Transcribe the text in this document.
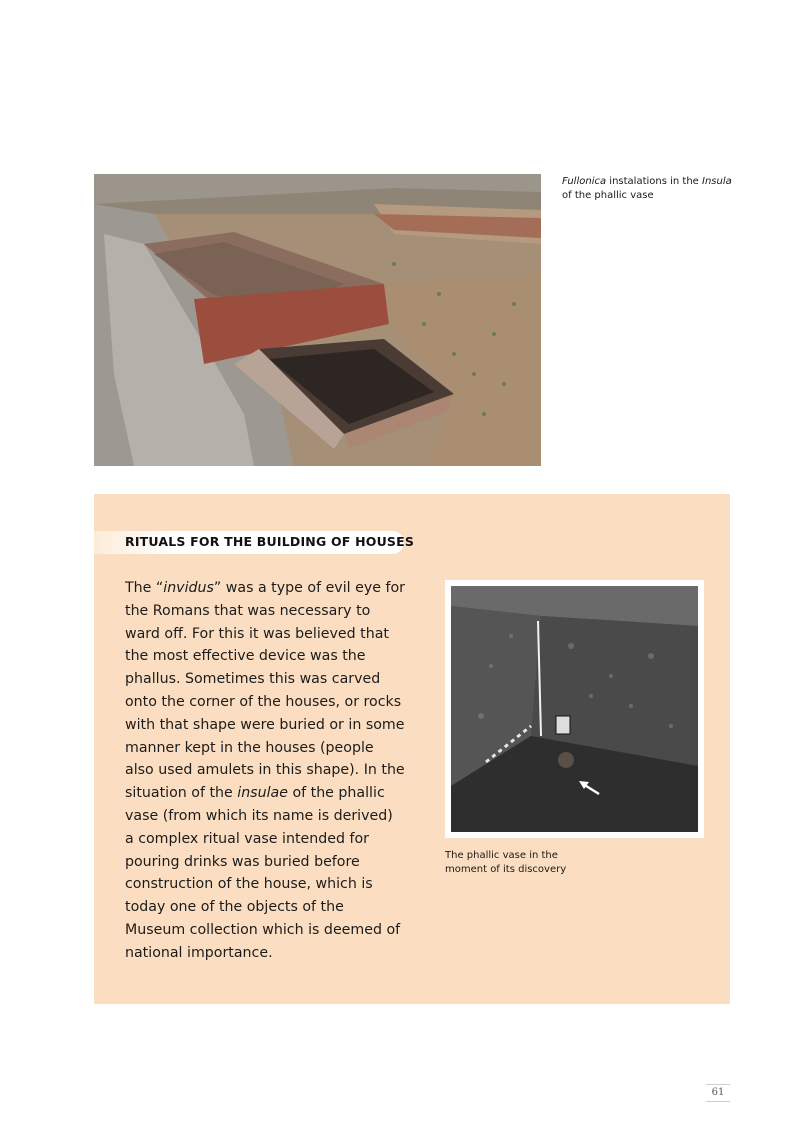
Fullonica instalations in the Insula of the phallic vase
RITUALS FOR THE BUILDING OF HOUSES
The “invidus” was a type of evil eye for the Romans that was necessary to ward off. For this it was believed that the most effective device was the phallus. Sometimes this was carved onto the corner of the houses, or rocks with that shape were buried or in some manner kept in the houses (people also used amulets in this shape). In the situation of the insulae of the phallic vase (from which its name is derived) a complex ritual vase intended for pouring drinks was buried before construction of the house, which is today one of the objects of the Museum collection which is deemed of national importance.
The phallic vase in the moment of its discovery
61
